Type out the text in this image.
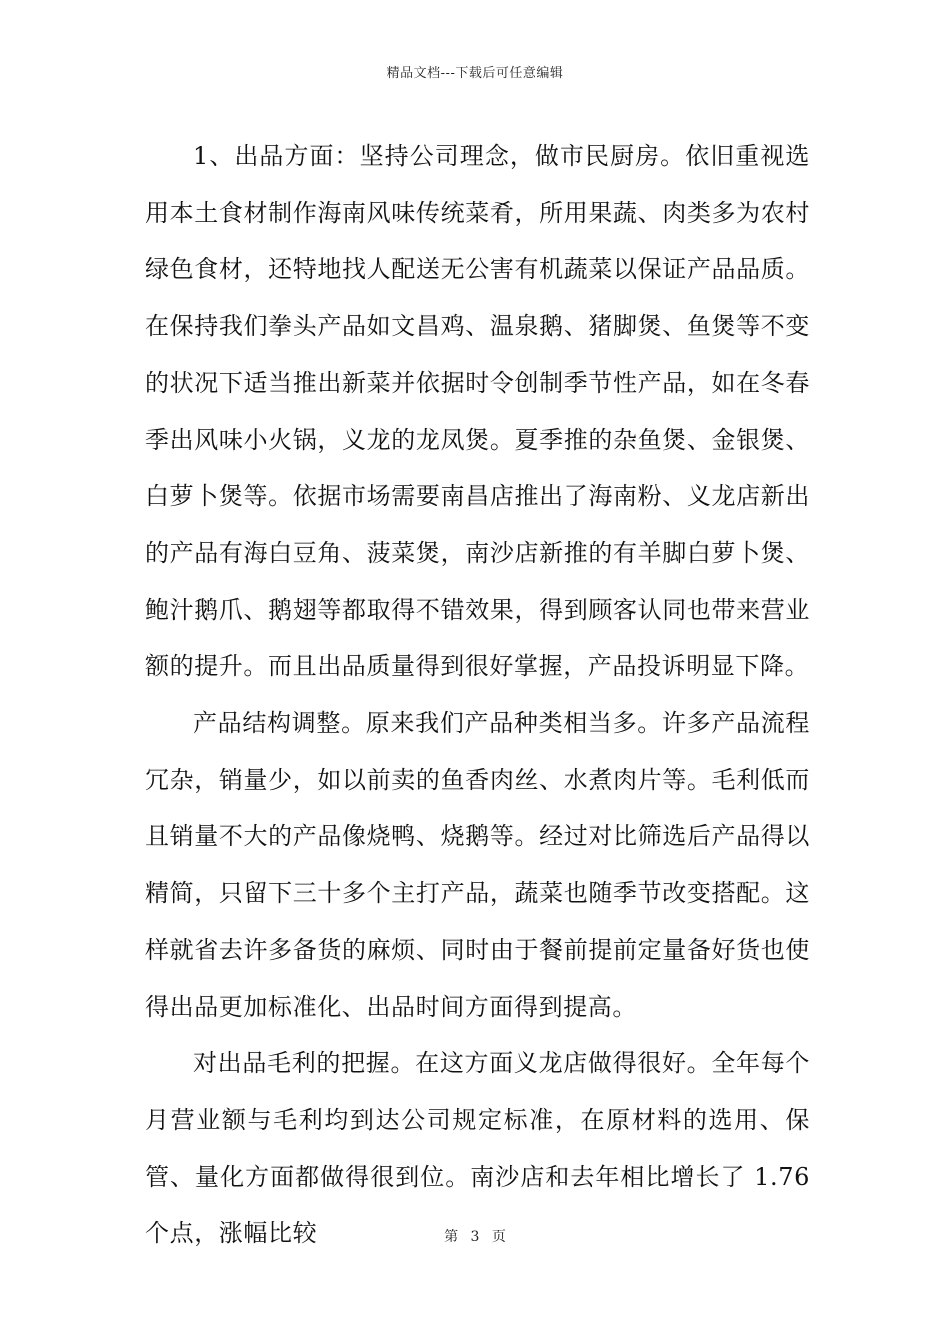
精品文档---下载后可任意编辑

1、出品方面：坚持公司理念，做市民厨房。依旧重视选用本土食材制作海南风味传统菜肴，所用果蔬、肉类多为农村绿色食材，还特地找人配送无公害有机蔬菜以保证产品品质。在保持我们拳头产品如文昌鸡、温泉鹅、猪脚煲、鱼煲等不变的状况下适当推出新菜并依据时令创制季节性产品，如在冬春季出风味小火锅，义龙的龙凤煲。夏季推的杂鱼煲、金银煲、白萝卜煲等。依据市场需要南昌店推出了海南粉、义龙店新出的产品有海白豆角、菠菜煲，南沙店新推的有羊脚白萝卜煲、鲍汁鹅爪、鹅翅等都取得不错效果，得到顾客认同也带来营业额的提升。而且出品质量得到很好掌握，产品投诉明显下降。

产品结构调整。原来我们产品种类相当多。许多产品流程冗杂，销量少，如以前卖的鱼香肉丝、水煮肉片等。毛利低而且销量不大的产品像烧鸭、烧鹅等。经过对比筛选后产品得以精简，只留下三十多个主打产品，蔬菜也随季节改变搭配。这样就省去许多备货的麻烦、同时由于餐前提前定量备好货也使得出品更加标准化、出品时间方面得到提高。

对出品毛利的把握。在这方面义龙店做得很好。全年每个月营业额与毛利均到达公司规定标准，在原材料的选用、保管、量化方面都做得很到位。南沙店和去年相比增长了 1.76 个点，涨幅比较	第 3 页
